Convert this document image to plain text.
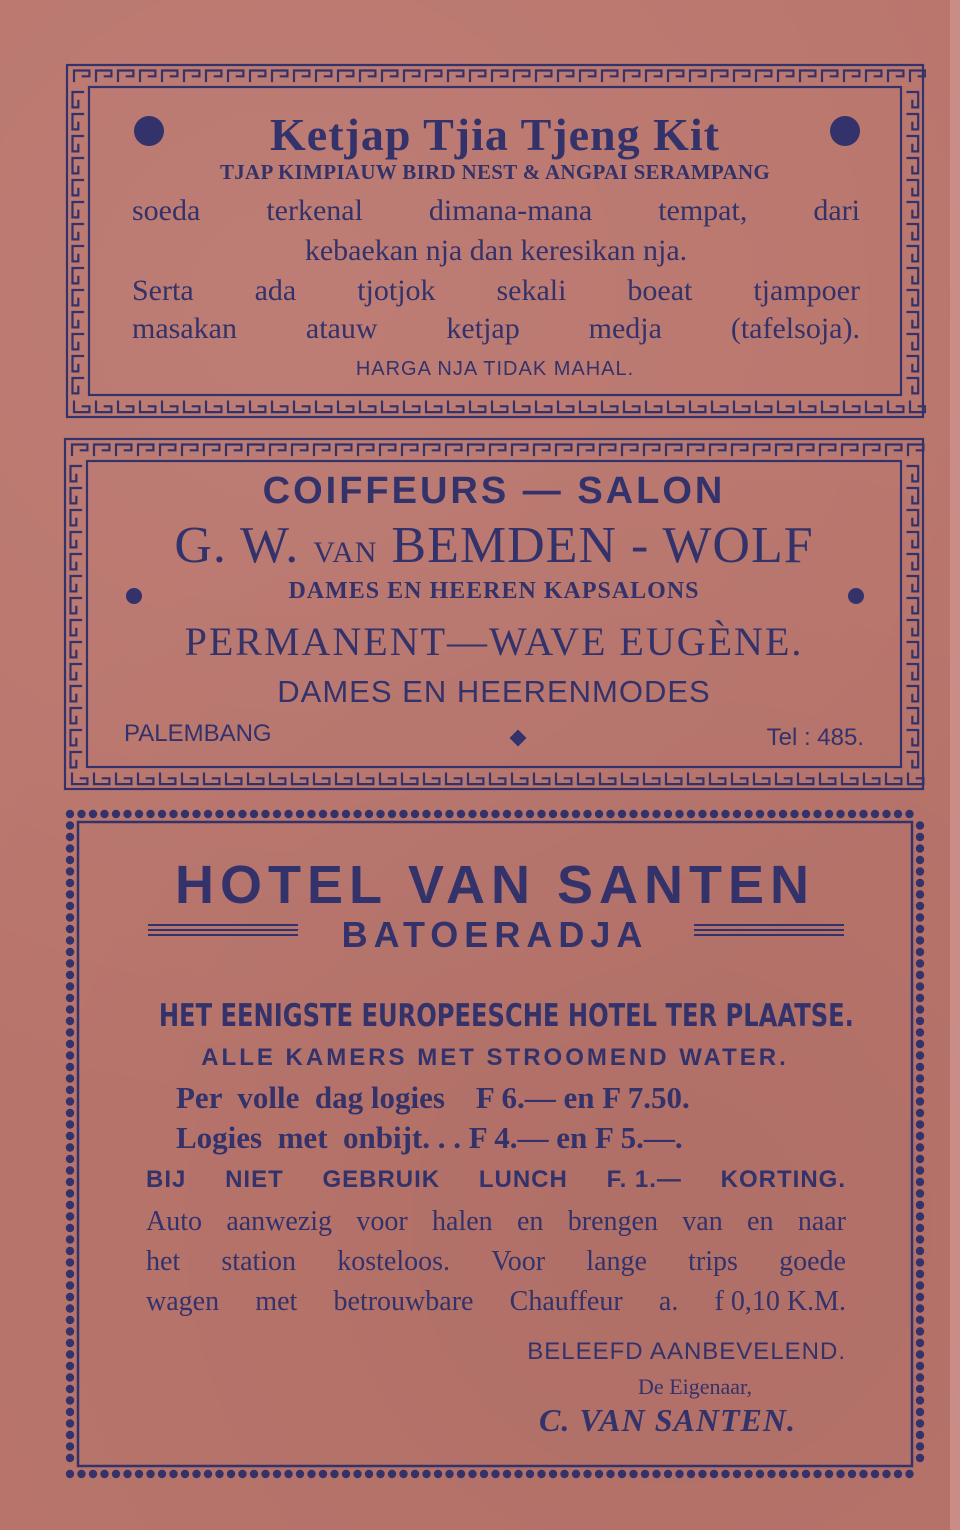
Ketjap Tjia Tjeng Kit
TJAP KIMPIAUW BIRD NEST & ANGPAI SERAMPANG
soeda terkenal dimana-mana tempat, dari
kebaekan nja dan keresikan nja.
Serta ada tjotjok sekali boeat tjampoer
masakan atauw ketjap medja (tafelsoja).
HARGA NJA TIDAK MAHAL.
COIFFEURS — SALON
G. W. VAN BEMDEN - WOLF
DAMES EN HEEREN KAPSALONS
PERMANENT—WAVE EUGÈNE.
DAMES EN HEERENMODES
PALEMBANG	Tel : 485.
HOTEL VAN SANTEN
BATOERADJA
HET EENIGSTE EUROPEESCHE HOTEL TER PLAATSE.
ALLE KAMERS MET STROOMEND WATER.
Per  volle  dag logies    F 6.— en F 7.50.
Logies  met  onbijt. . . F 4.— en F 5.—.
BIJ NIET GEBRUIK LUNCH F. 1.— KORTING.
Auto aanwezig voor halen en brengen van en naar
het station kosteloos. Voor lange trips goede
wagen met betrouwbare Chauffeur a. f 0,10 K.M.
BELEEFD AANBEVELEND.
De Eigenaar,
C. VAN SANTEN.
